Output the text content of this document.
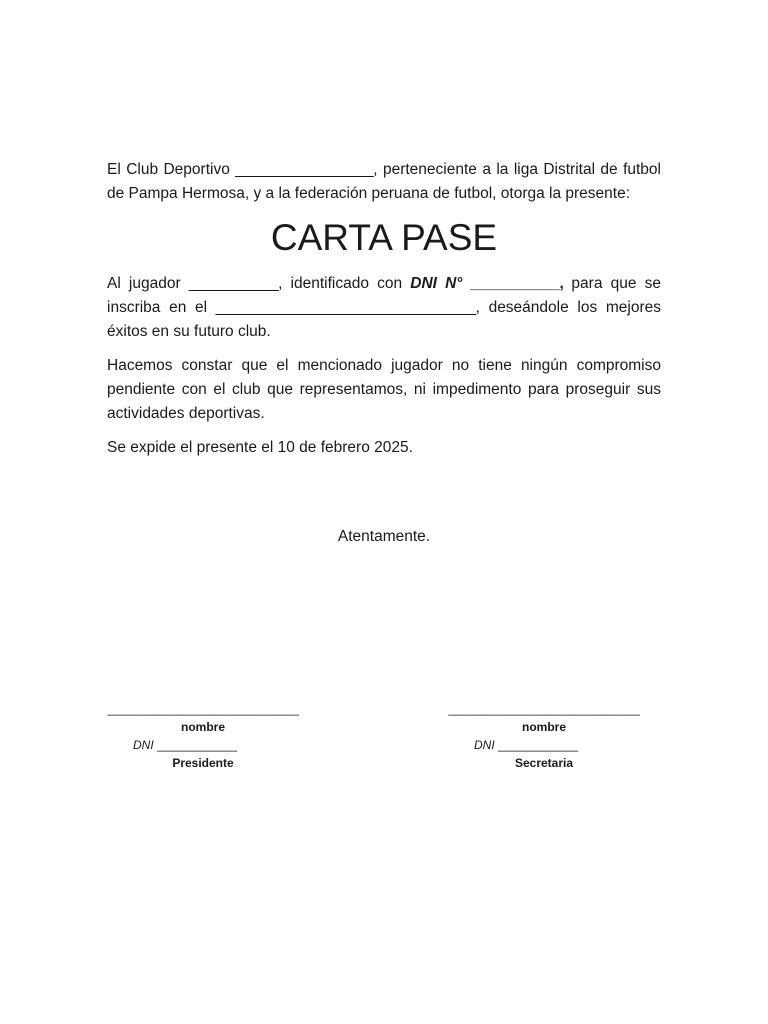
El Club Deportivo _________________, perteneciente a la liga Distrital de futbol de Pampa Hermosa, y a la federación peruana de futbol, otorga la presente:

CARTA PASE

Al jugador ___________, identificado con DNI N° ___________, para que se inscriba en el ________________________________, deseándole los mejores éxitos en su futuro club.

Hacemos constar que el mencionado jugador no tiene ningún compromiso pendiente con el club que representamos, ni impedimento para proseguir sus actividades deportivas.

Se expide el presente el 10 de febrero 2025.

Atentamente.
______________________________
nombre
DNI ____________
Presidente
______________________________
nombre
DNI ____________
Secretaria
